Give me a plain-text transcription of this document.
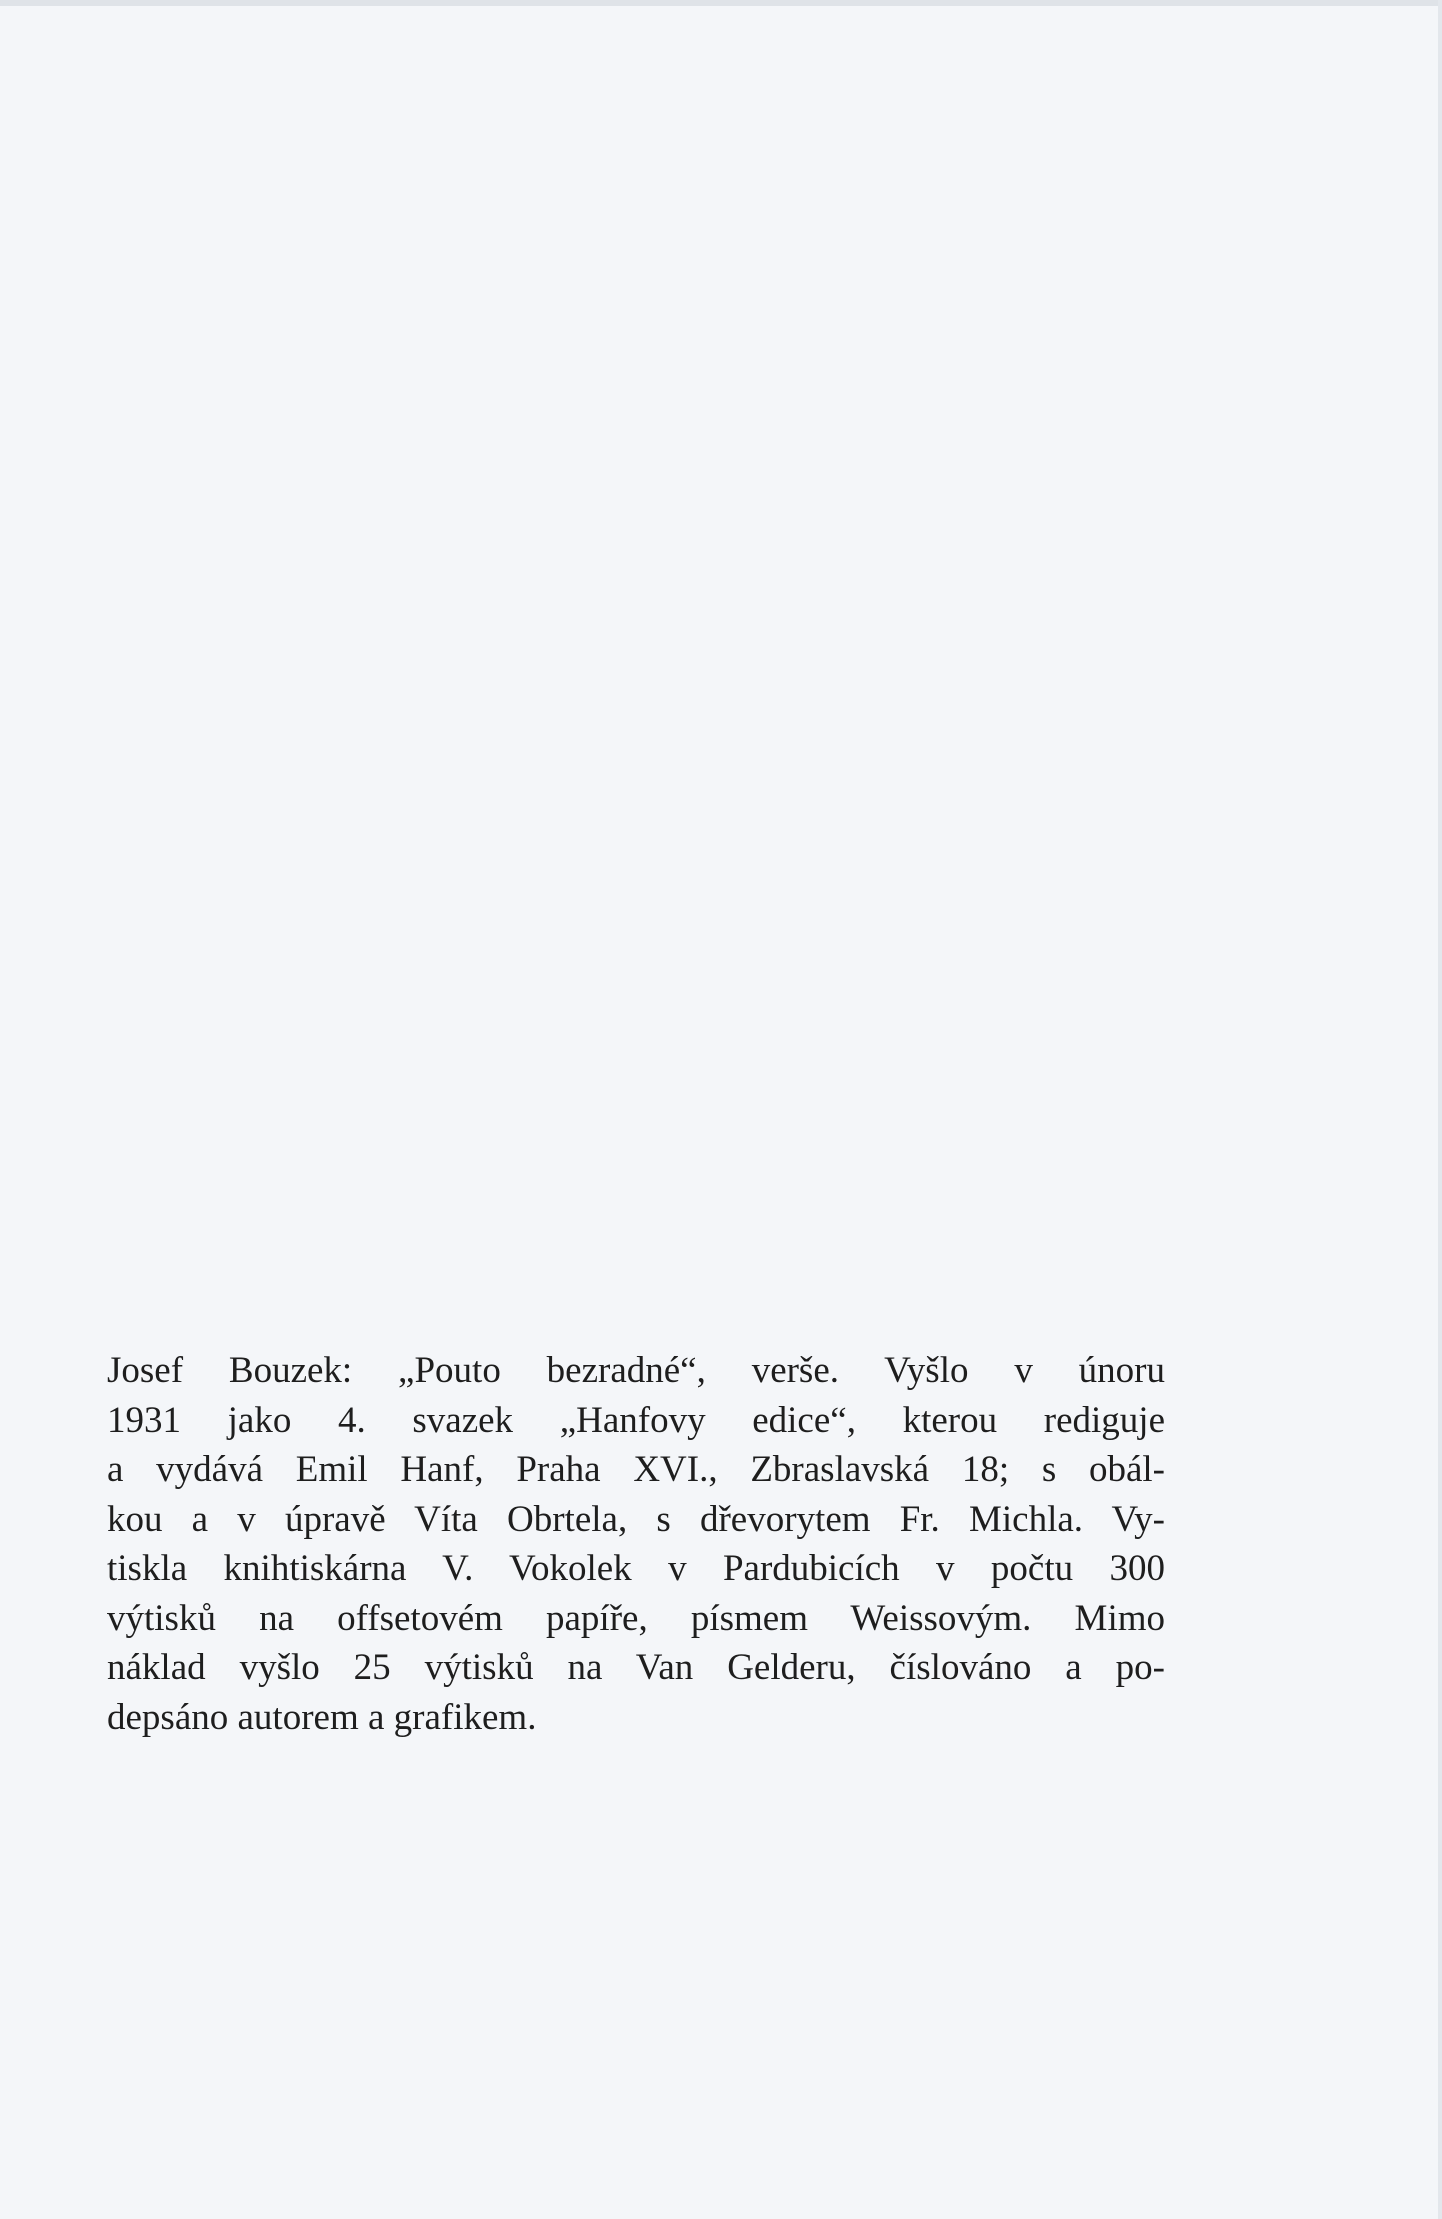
Josef Bouzek: „Pouto bezradné“, verše. Vyšlo v únoru
1931 jako 4. svazek „Hanfovy edice“, kterou rediguje
a vydává Emil Hanf, Praha XVI., Zbraslavská 18; s obál-
kou a v úpravě Víta Obrtela, s dřevorytem Fr. Michla. Vy-
tiskla knihtiskárna V. Vokolek v Pardubicích v počtu 300
výtisků na offsetovém papíře, písmem Weissovým. Mimo
náklad vyšlo 25 výtisků na Van Gelderu, číslováno a po-
depsáno autorem a grafikem.
